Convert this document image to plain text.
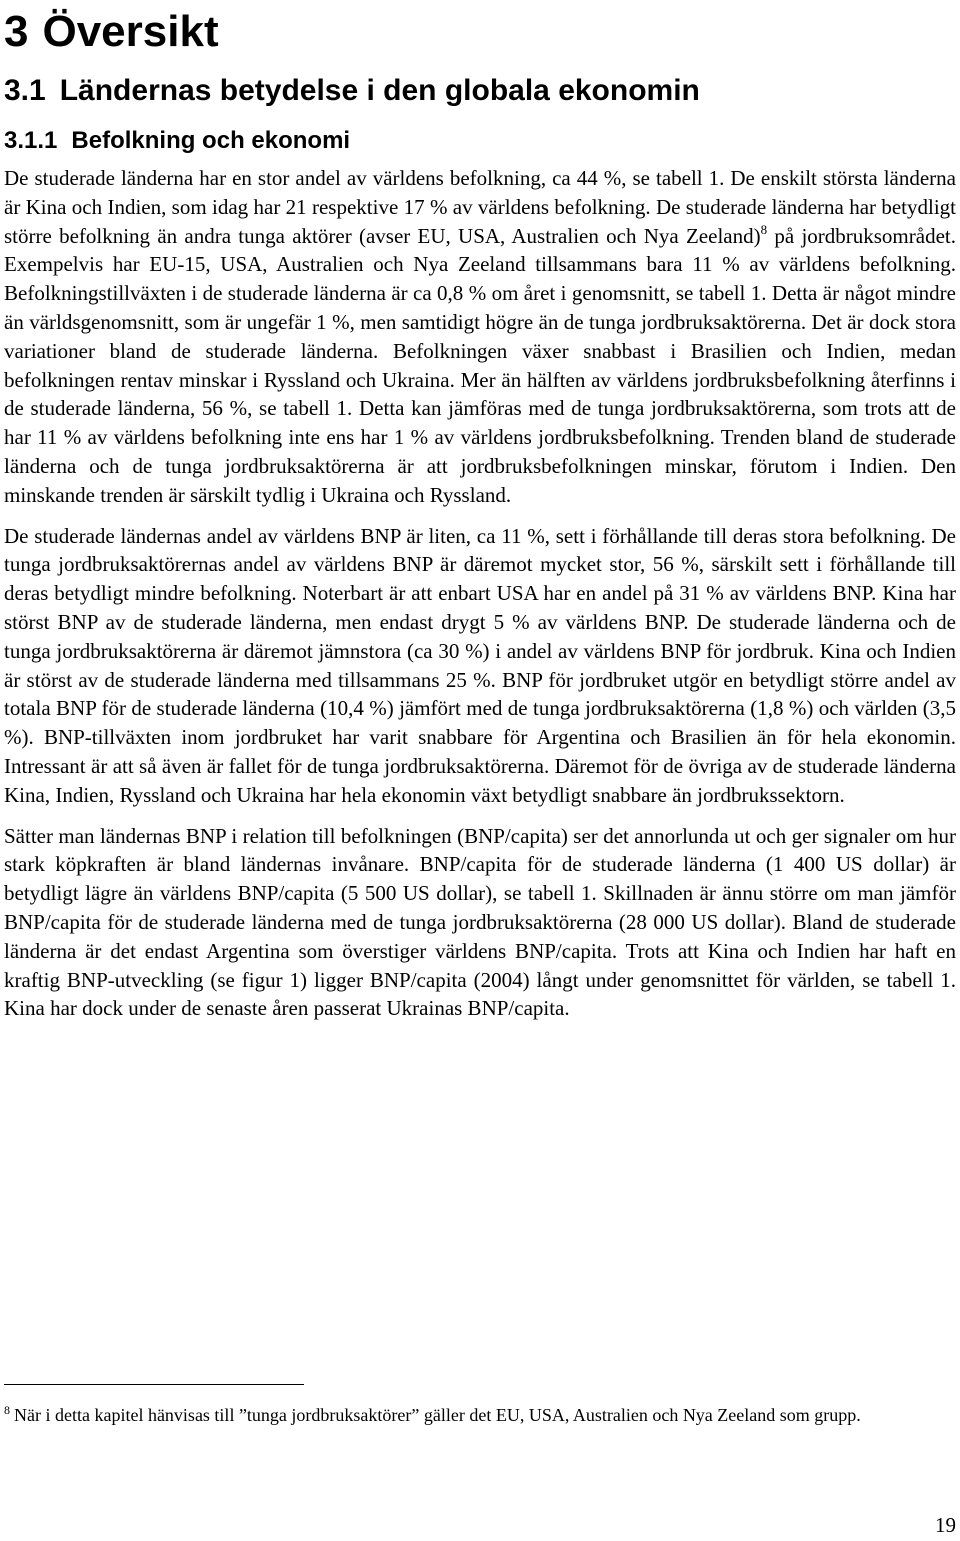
3 Översikt
3.1 Ländernas betydelse i den globala ekonomin
3.1.1 Befolkning och ekonomi

De studerade länderna har en stor andel av världens befolkning, ca 44 %, se tabell 1. De enskilt största länderna är Kina och Indien, som idag har 21 respektive 17 % av världens befolkning. De studerade länderna har betydligt större befolkning än andra tunga aktörer (avser EU, USA, Australien och Nya Zeeland)$^8$ på jordbruksområdet. Exempelvis har EU-15, USA, Australien och Nya Zeeland tillsammans bara 11 % av världens befolkning. Befolkningstillväxten i de studerade länderna är ca 0,8 % om året i genomsnitt, se tabell 1. Detta är något mindre än världsgenomsnitt, som är ungefär 1 %, men samtidigt högre än de tunga jordbruksaktörerna. Det är dock stora variationer bland de studerade länderna. Befolkningen växer snabbast i Brasilien och Indien, medan befolkningen rentav minskar i Ryssland och Ukraina. Mer än hälften av världens jordbruksbefolkning återfinns i de studerade länderna, 56 %, se tabell 1. Detta kan jämföras med de tunga jordbruksaktörerna, som trots att de har 11 % av världens befolkning inte ens har 1 % av världens jordbruksbefolkning. Trenden bland de studerade länderna och de tunga jordbruksaktörerna är att jordbruksbefolkningen minskar, förutom i Indien. Den minskande trenden är särskilt tydlig i Ukraina och Ryssland.

De studerade ländernas andel av världens BNP är liten, ca 11 %, sett i förhållande till deras stora befolkning. De tunga jordbruksaktörernas andel av världens BNP är däremot mycket stor, 56 %, särskilt sett i förhållande till deras betydligt mindre befolkning. Noterbart är att enbart USA har en andel på 31 % av världens BNP. Kina har störst BNP av de studerade länderna, men endast drygt 5 % av världens BNP. De studerade länderna och de tunga jordbruksaktörerna är däremot jämnstora (ca 30 %) i andel av världens BNP för jordbruk. Kina och Indien är störst av de studerade länderna med tillsammans 25 %. BNP för jordbruket utgör en betydligt större andel av totala BNP för de studerade länderna (10,4 %) jämfört med de tunga jordbruksaktörerna (1,8 %) och världen (3,5 %). BNP-tillväxten inom jordbruket har varit snabbare för Argentina och Brasilien än för hela ekonomin. Intressant är att så även är fallet för de tunga jordbruksaktörerna. Däremot för de övriga av de studerade länderna Kina, Indien, Ryssland och Ukraina har hela ekonomin växt betydligt snabbare än jordbrukssektorn.

Sätter man ländernas BNP i relation till befolkningen (BNP/capita) ser det annorlunda ut och ger signaler om hur stark köpkraften är bland ländernas invånare. BNP/capita för de studerade länderna (1 400 US dollar) är betydligt lägre än världens BNP/capita (5 500 US dollar), se tabell 1. Skillnaden är ännu större om man jämför BNP/capita för de studerade länderna med de tunga jordbruksaktörerna (28 000 US dollar). Bland de studerade länderna är det endast Argentina som överstiger världens BNP/capita. Trots att Kina och Indien har haft en kraftig BNP-utveckling (se figur 1) ligger BNP/capita (2004) långt under genomsnittet för världen, se tabell 1. Kina har dock under de senaste åren passerat Ukrainas BNP/capita.

$^8$ När i detta kapitel hänvisas till ”tunga jordbruksaktörer” gäller det EU, USA, Australien och Nya Zeeland som grupp.
19
